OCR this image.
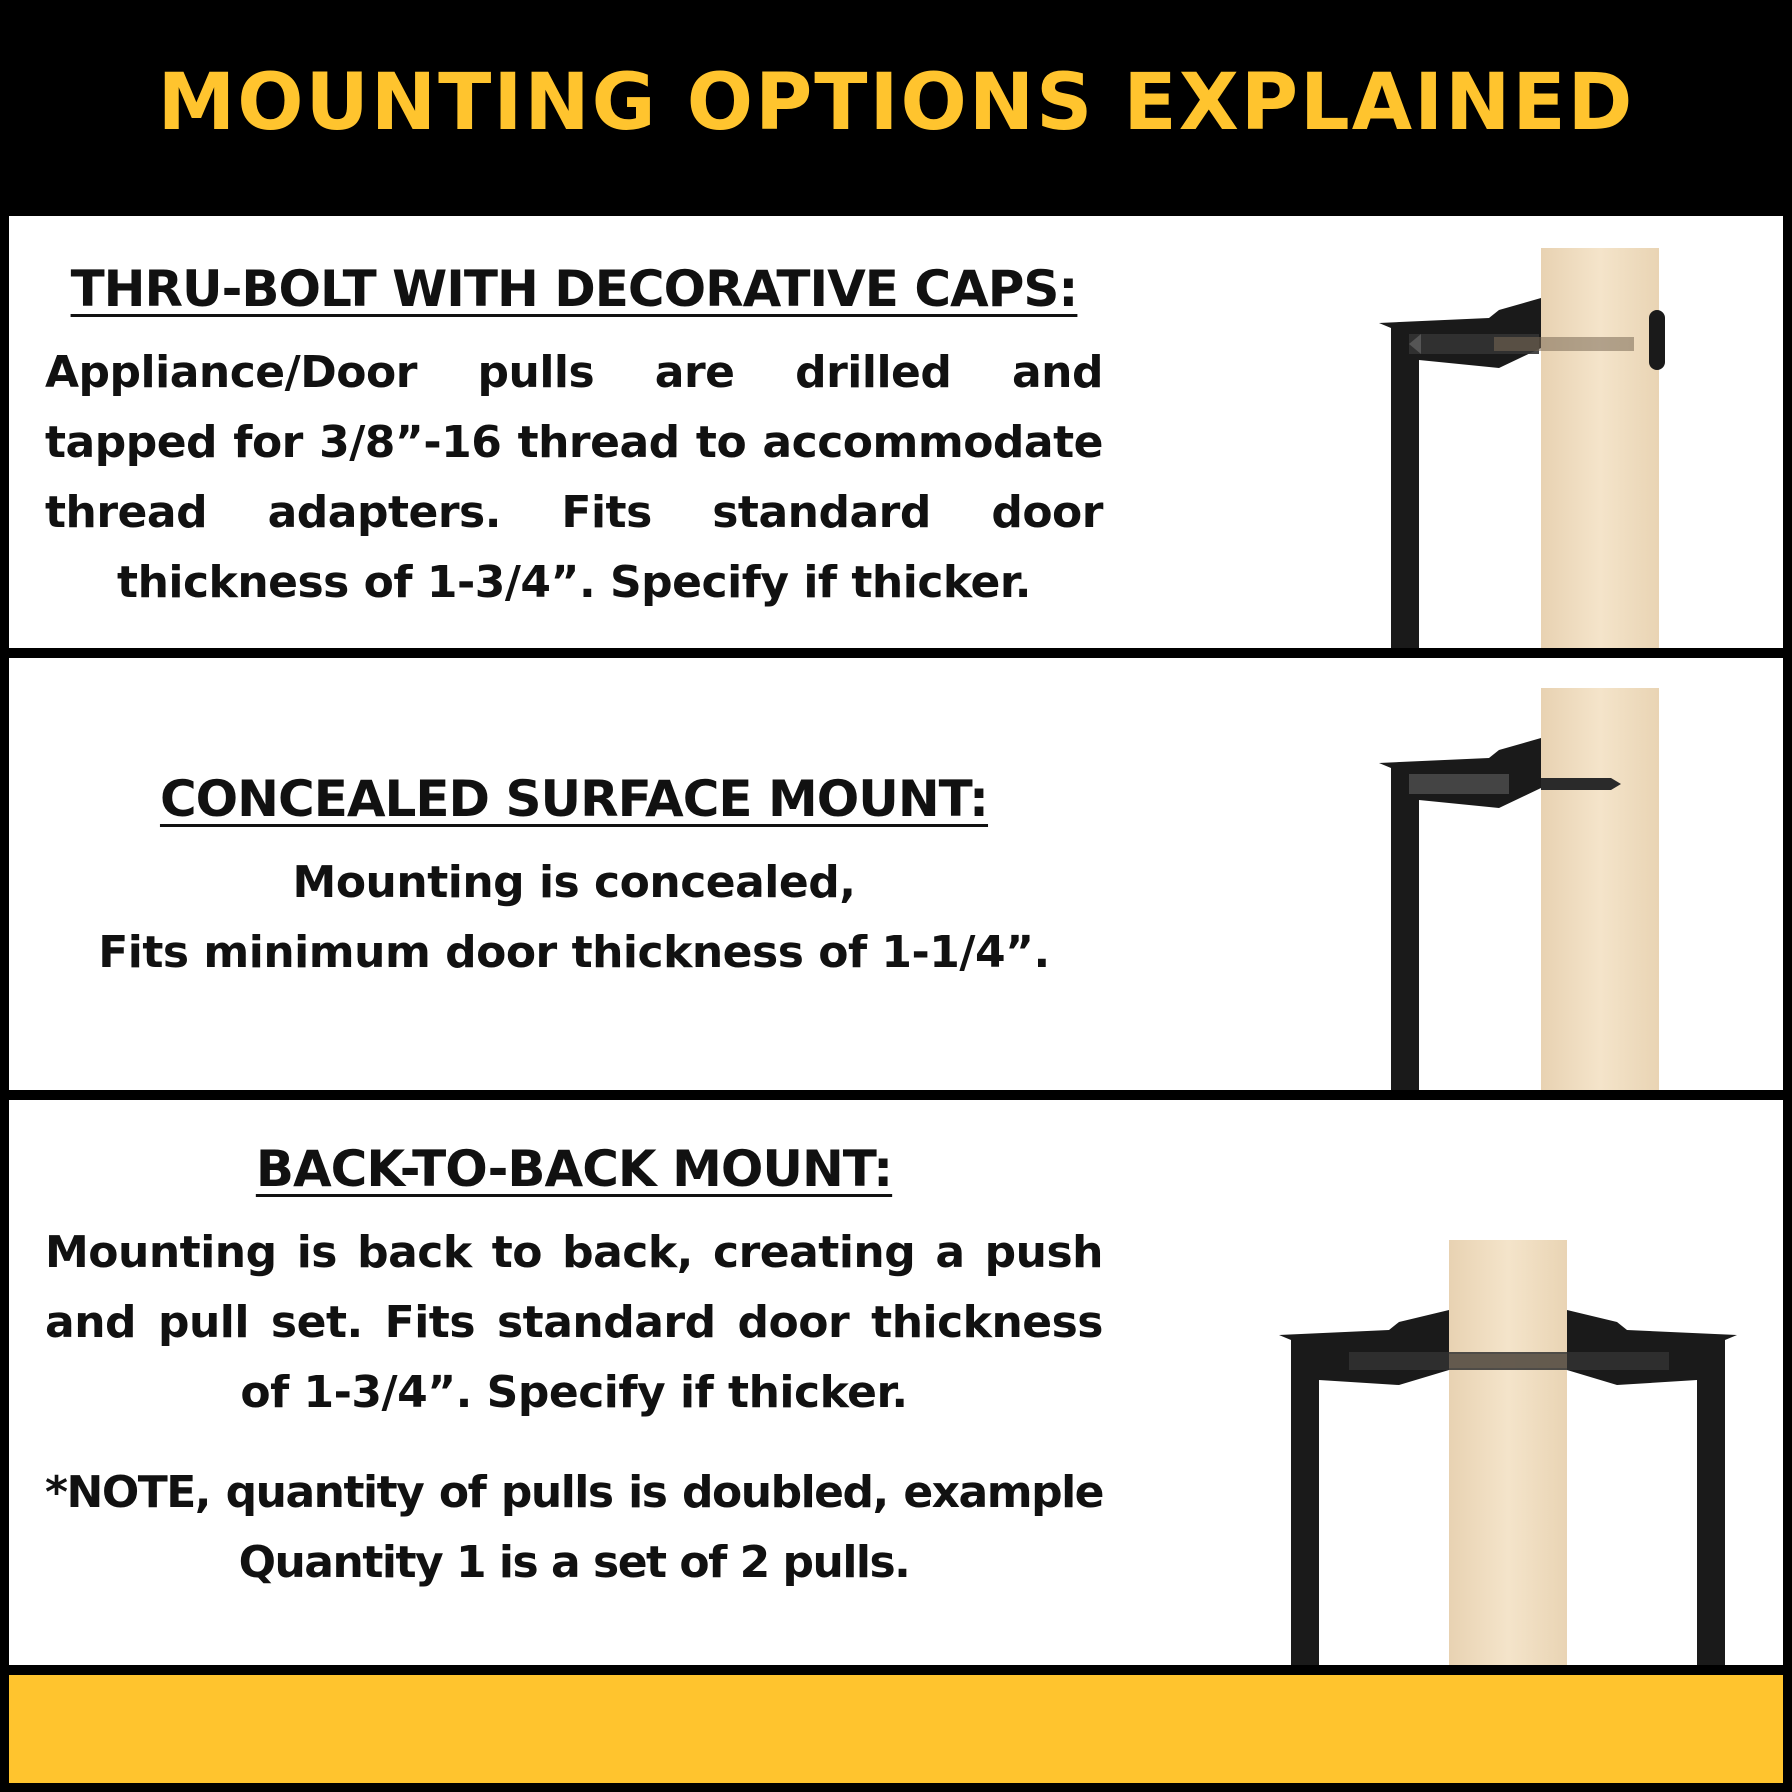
MOUNTING OPTIONS EXPLAINED
THRU-BOLT WITH DECORATIVE CAPS:

Appliance/Door pulls are drilled and tapped for 3/8”-16 thread to accommodate thread adapters. Fits standard door thickness of 1-3/4”. Specify if thicker.

CONCEALED SURFACE MOUNT:

Mounting is concealed,

Fits minimum door thickness of 1-1/4”.

BACK-TO-BACK MOUNT:

Mounting is back to back, creating a push and pull set. Fits standard door thickness of 1-3/4”. Specify if thicker.

*NOTE, quantity of pulls is doubled, example Quantity 1 is a set of 2 pulls.
